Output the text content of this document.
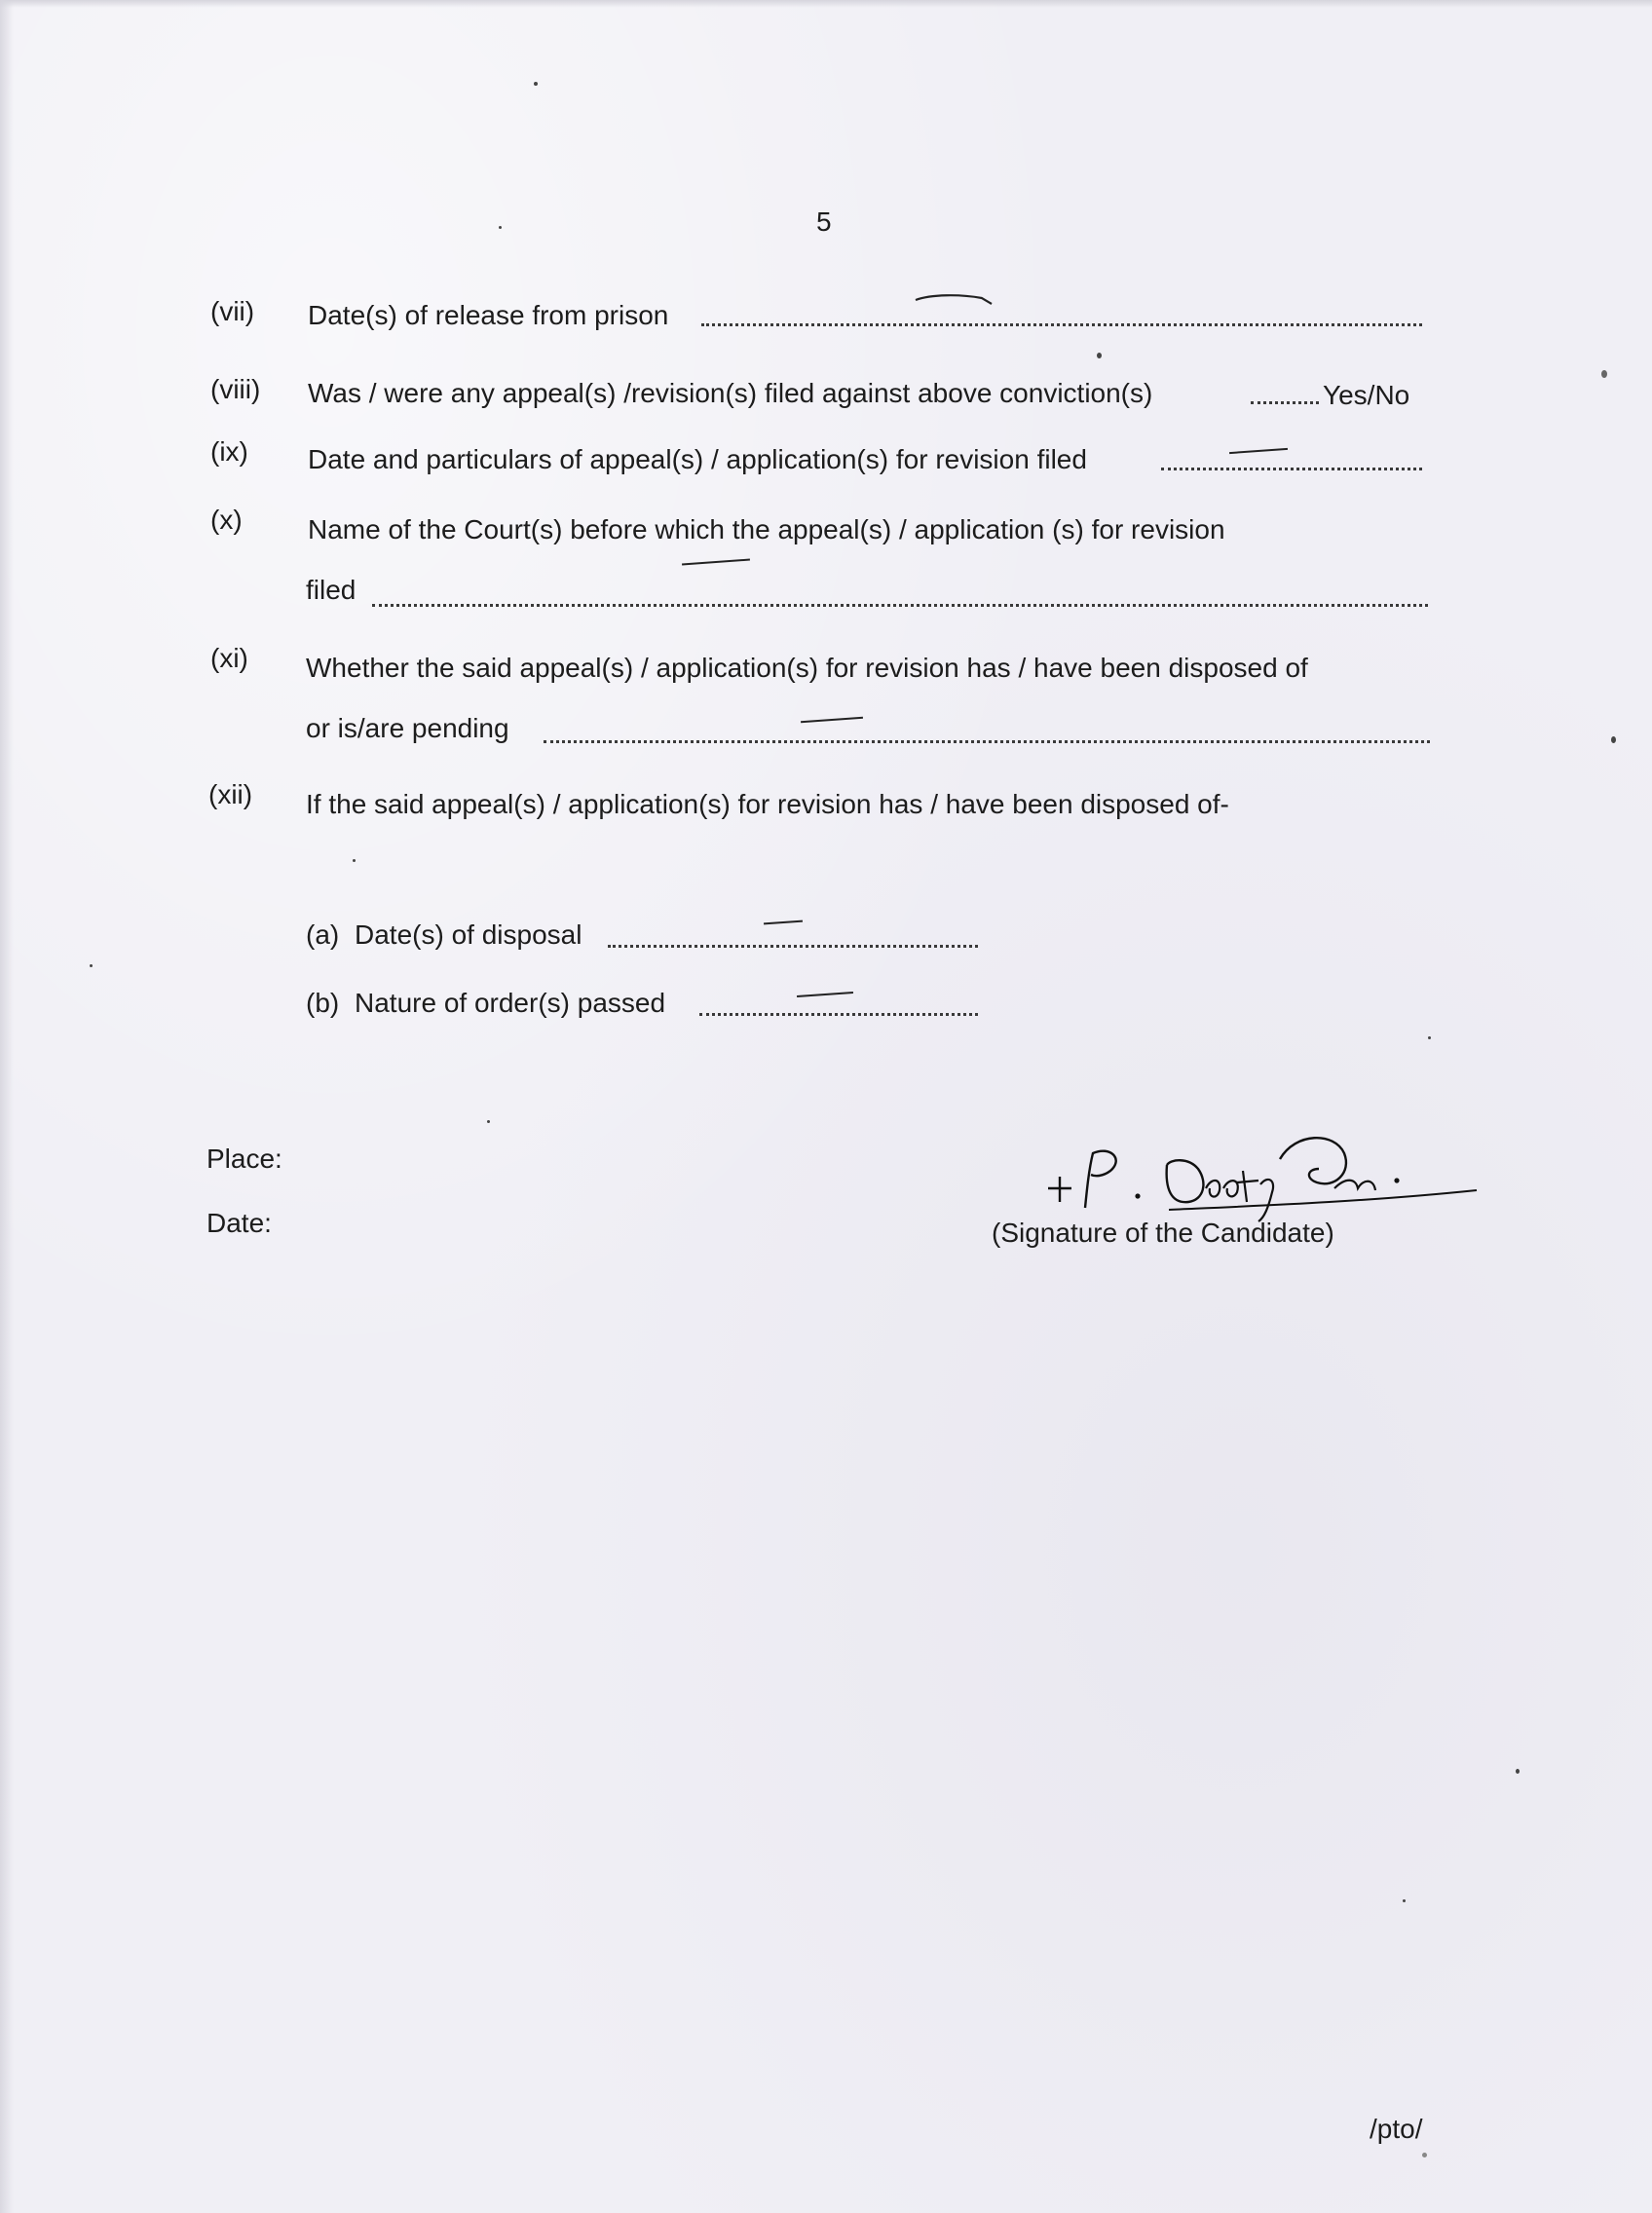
5
(vii) Date(s) of release from prison
(viii) Was / were any appeal(s) /revision(s) filed against above conviction(s)	Yes/No
(ix) Date and particulars of appeal(s) / application(s) for revision filed
(x) Name of the Court(s) before which the appeal(s) / application (s) for revision
filed
(xi) Whether the said appeal(s) / application(s) for revision has / have been disposed of
or is/are pending
(xii) If the said appeal(s) / application(s) for revision has / have been disposed of-
(a) Date(s) of disposal
(b) Nature of order(s) passed
Place:
Date:	(Signature of the Candidate)
/pto/
